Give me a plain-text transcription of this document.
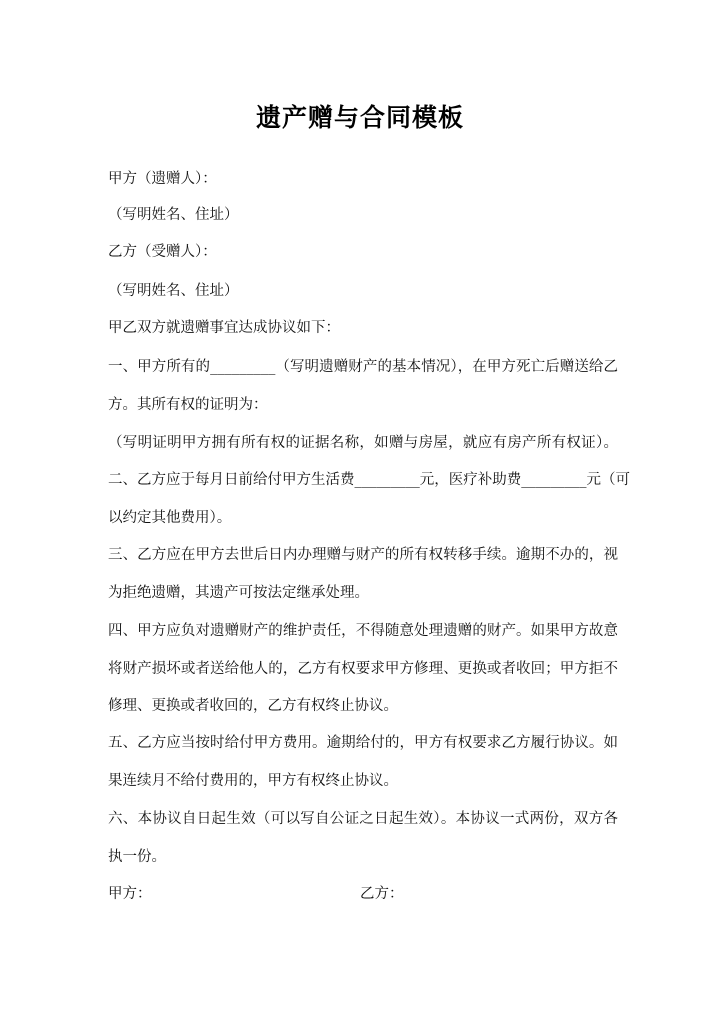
遗产赠与合同模板
甲方（遗赠人）：
（写明姓名、住址）
乙方（受赠人）：
（写明姓名、住址）
甲乙双方就遗赠事宜达成协议如下：
一、甲方所有的_________（写明遗赠财产的基本情况），在甲方死亡后赠送给乙
方。其所有权的证明为：
（写明证明甲方拥有所有权的证据名称，如赠与房屋，就应有房产所有权证）。
二、乙方应于每月日前给付甲方生活费_________元，医疗补助费_________元（可
以约定其他费用）。
三、乙方应在甲方去世后日内办理赠与财产的所有权转移手续。逾期不办的，视
为拒绝遗赠，其遗产可按法定继承处理。
四、甲方应负对遗赠财产的维护责任，不得随意处理遗赠的财产。如果甲方故意
将财产损坏或者送给他人的，乙方有权要求甲方修理、更换或者收回；甲方拒不
修理、更换或者收回的，乙方有权终止协议。
五、乙方应当按时给付甲方费用。逾期给付的，甲方有权要求乙方履行协议。如
果连续月不给付费用的，甲方有权终止协议。
六、本协议自日起生效（可以写自公证之日起生效）。本协议一式两份，双方各
执一份。
甲方：	乙方：
